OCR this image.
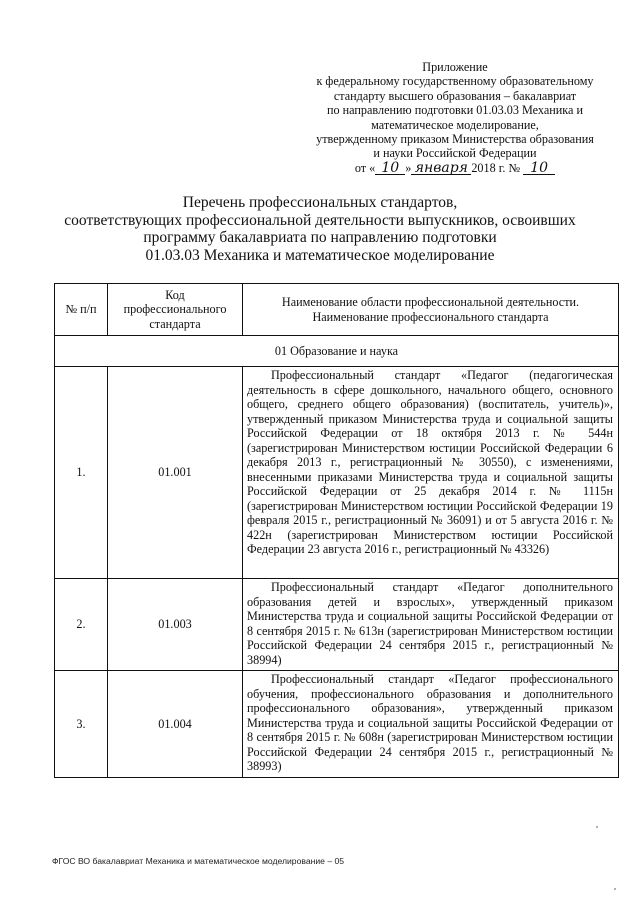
Приложение
к федеральному государственному образовательному
стандарту высшего образования – бакалавриат
по направлению подготовки 01.03.03 Механика и
математическое моделирование,
утвержденному приказом Министерства образования
и науки Российской Федерации
от « 10 » января 2018 г. № 10
Перечень профессиональных стандартов,
соответствующих профессиональной деятельности выпускников, освоивших
программу бакалавриата по направлению подготовки
01.03.03 Механика и математическое моделирование
№ п/п	Код профессионального стандарта	Наименование области профессиональной деятельности. Наименование профессионального стандарта
01 Образование и наука		
1.	01.001	Профессиональный стандарт «Педагог (педагогическая деятельность в сфере дошкольного, начального общего, основного общего, среднего общего образования) (воспитатель, учитель)», утвержденный приказом Министерства труда и социальной защиты Российской Федерации от 18 октября 2013 г. № 544н (зарегистрирован Министерством юстиции Российской Федерации 6 декабря 2013 г., регистрационный № 30550), с изменениями, внесенными приказами Министерства труда и социальной защиты Российской Федерации от 25 декабря 2014 г. № 1115н (зарегистрирован Министерством юстиции Российской Федерации 19 февраля 2015 г., регистрационный № 36091) и от 5 августа 2016 г. № 422н (зарегистрирован Министерством юстиции Российской Федерации 23 августа 2016 г., регистрационный № 43326)
2.	01.003	Профессиональный стандарт «Педагог дополнительного образования детей и взрослых», утвержденный приказом Министерства труда и социальной защиты Российской Федерации от 8 сентября 2015 г. № 613н (зарегистрирован Министерством юстиции Российской Федерации 24 сентября 2015 г., регистрационный № 38994)
3.	01.004	Профессиональный стандарт «Педагог профессионального обучения, профессионального образования и дополнительного профессионального образования», утвержденный приказом Министерства труда и социальной защиты Российской Федерации от 8 сентября 2015 г. № 608н (зарегистрирован Министерством юстиции Российской Федерации 24 сентября 2015 г., регистрационный № 38993)
ФГОС ВО бакалавриат Механика и математическое моделирование – 05
